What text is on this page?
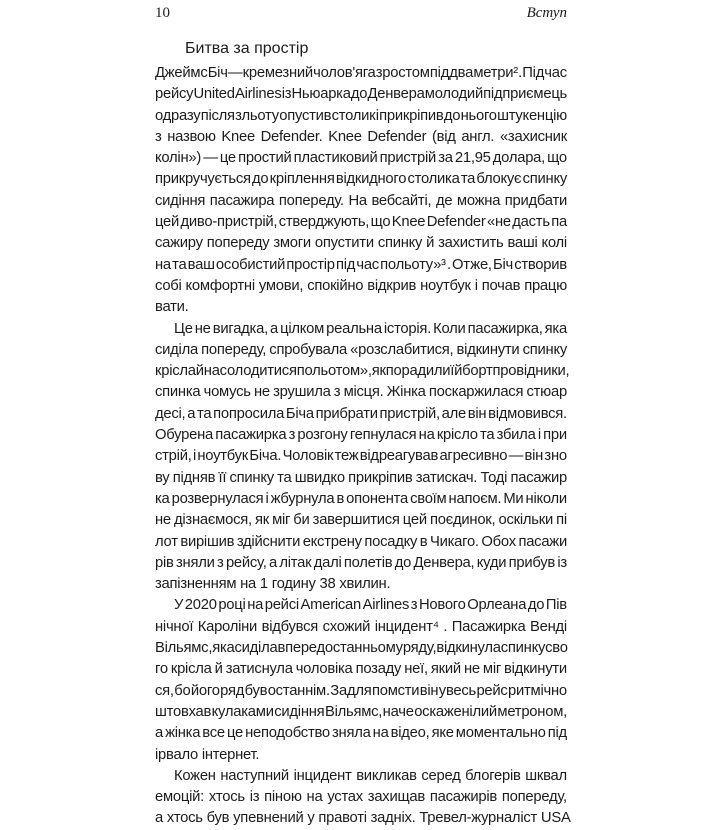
10	Вступ
Битва за простір
Джеймс Біч — кремезний чолов'яга зростом під два метри² . Під час
рейсу United Airlines із Ньюарка до Денвера молодий підприємець
одразу після зльоту опустив столик і прикріпив до нього штукенцію
з назвою Knee Defender. Knee Defender (від англ. «захисник
колін») — це простий пластиковий пристрій за 21,95 долара, що
прикручується до кріплення відкидного столика та блокує спинку
сидіння пасажира попереду. На вебсайті, де можна придбати
цей диво-пристрій, стверджують, що Knee Defender «не дасть па
сажиру попереду змоги опустити спинку й захистить ваші колі
на та ваш особистий простір під час польоту»³ . Отже, Біч створив
собі комфортні умови, спокійно відкрив ноутбук і почав працю
вати.
Це не вигадка, а цілком реальна історія. Коли пасажирка, яка
сиділа попереду, спробувала «розслабитися, відкинути спинку
крісла й насолодитися польотом», як порадили їй бортпровідники,
спинка чомусь не зрушила з місця. Жінка поскаржилася стюар
десі, а та попросила Біча прибрати пристрій, але він відмовився.
Обурена пасажирка з розгону гепнулася на крісло та збила і при
стрій, і ноутбук Біча. Чоловік теж відреагував агресивно — він зно
ву підняв її спинку та швидко прикріпив затискач. Тоді пасажир
ка розвернулася і жбурнула в опонента своїм напоєм. Ми ніколи
не дізнаємося, як міг би завершитися цей поєдинок, оскільки пі
лот вирішив здійснити екстрену посадку в Чикаго. Обох пасажи
рів зняли з рейсу, а літак далі полетів до Денвера, куди прибув із
запізненням на 1 годину 38 хвилин.
У 2020 році на рейсі American Airlines з Нового Орлеана до Пів
нічної Кароліни відбувся схожий інцидент⁴ . Пасажирка Венді
Вільямс, яка сиділа в передостанньому ряду, відкинула спинку сво
го крісла й затиснула чоловіка позаду неї, який не міг відкинути
ся, бо його ряд був останнім. Задля помсти він увесь рейс ритмічно
штовхав кулаками сидіння Вільямс, наче оскаженілий метроном,
а жінка все це неподобство зняла на відео, яке моментально під
ірвало інтернет.
Кожен наступний інцидент викликав серед блогерів шквал
емоцій: хтось із піною на устах захищав пасажирів попереду,
а хтось був упевнений у правоті задніх. Тревел-журналіст USA
